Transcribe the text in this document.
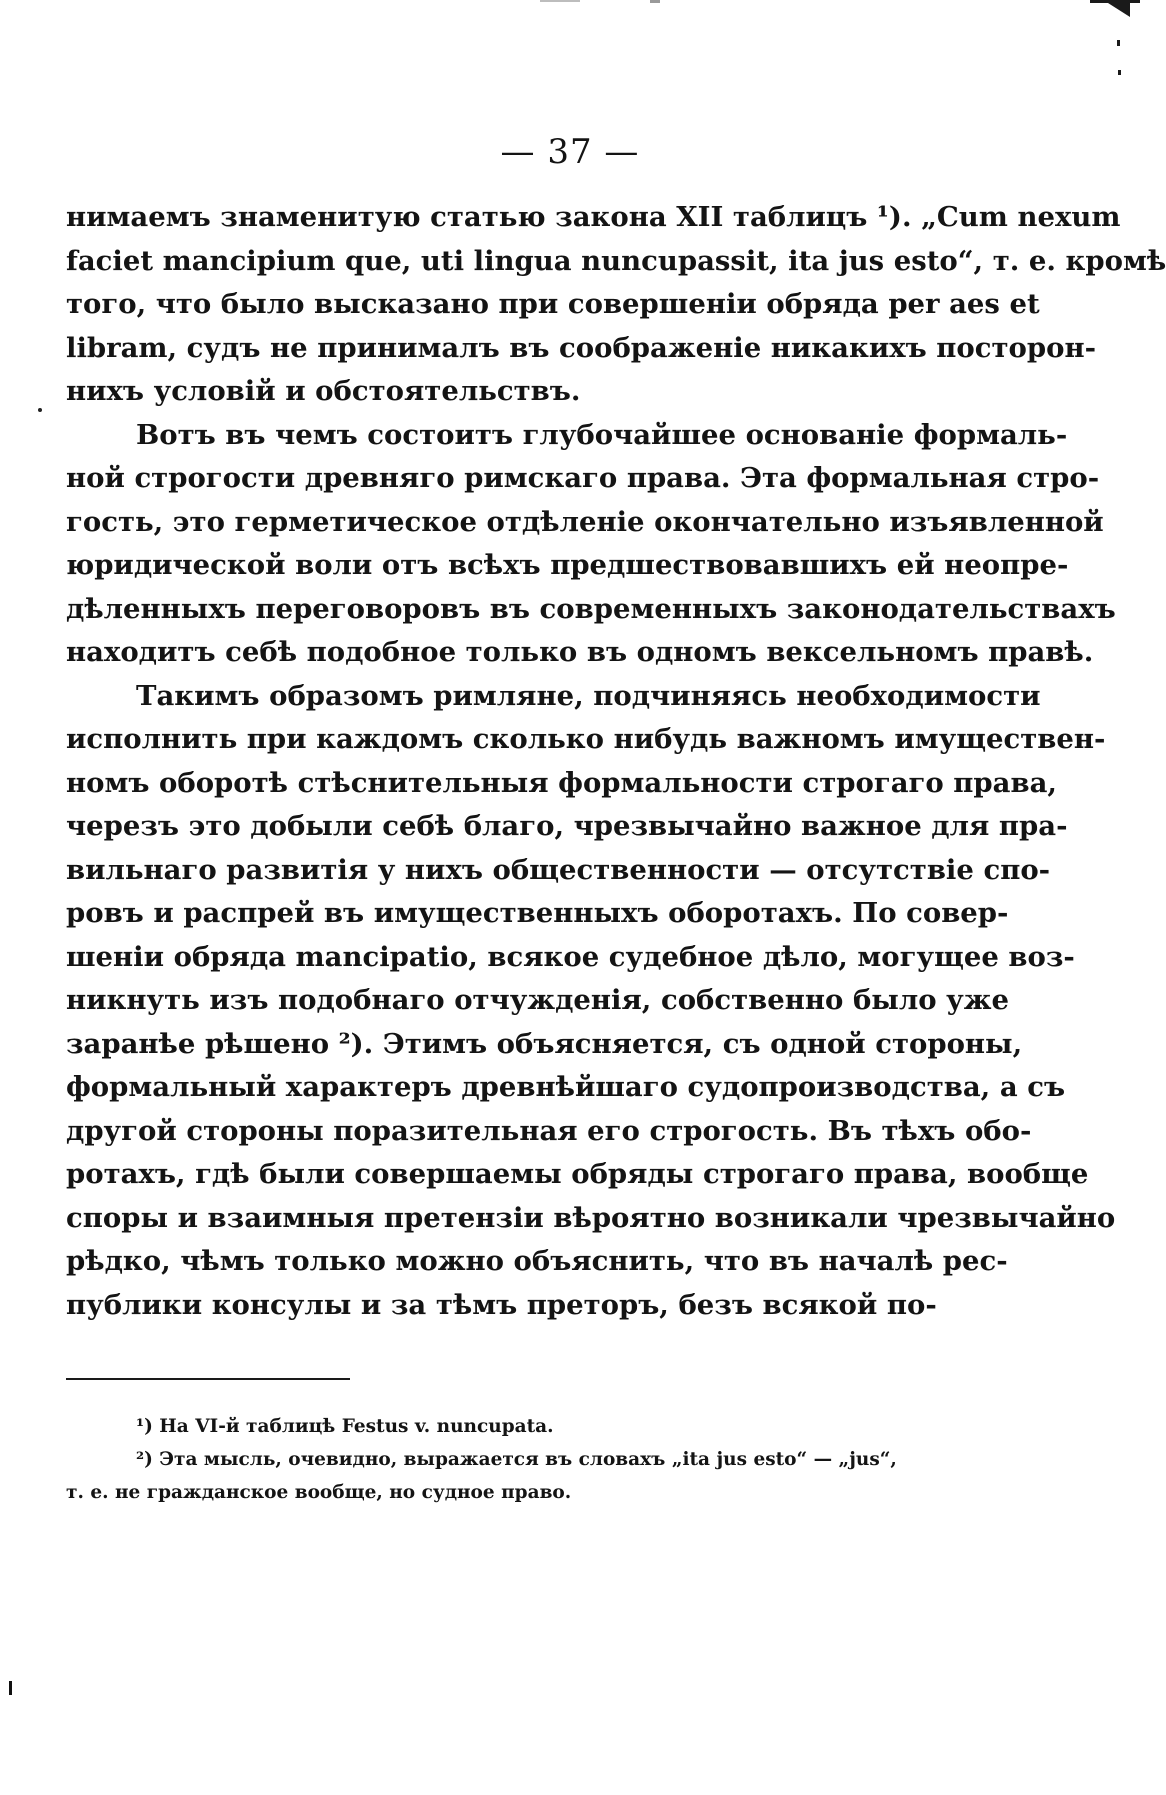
— 37 —
нимаемъ знаменитую статью закона XII таблицъ ¹). „Cum nexum
faciet mancipium que, uti lingua nuncupassit, ita jus esto“, т. е. кромѣ
того, что было высказано при совершеніи обряда per aes et
libram, судъ не принималъ въ соображеніе никакихъ посторон-
нихъ условій и обстоятельствъ.
Вотъ въ чемъ состоитъ глубочайшее основаніе формаль-
ной строгости древняго римскаго права. Эта формальная стро-
гость, это герметическое отдѣленіе окончательно изъявленной
юридической воли отъ всѣхъ предшествовавшихъ ей неопре-
дѣленныхъ переговоровъ въ современныхъ законодательствахъ
находитъ себѣ подобное только въ одномъ вексельномъ правѣ.
Такимъ образомъ римляне, подчиняясь необходимости
исполнить при каждомъ сколько нибудь важномъ имуществен-
номъ оборотѣ стѣснительныя формальности строгаго права,
черезъ это добыли себѣ благо, чрезвычайно важное для пра-
вильнаго развитія у нихъ общественности — отсутствіе спо-
ровъ и распрей въ имущественныхъ оборотахъ. По совер-
шеніи обряда mancipatio, всякое судебное дѣло, могущее воз-
никнуть изъ подобнаго отчужденія, собственно было уже
заранѣе рѣшено ²). Этимъ объясняется, съ одной стороны,
формальный характеръ древнѣйшаго судопроизводства, а съ
другой стороны поразительная его строгость. Въ тѣхъ обо-
ротахъ, гдѣ были совершаемы обряды строгаго права, вообще
споры и взаимныя претензіи вѣроятно возникали чрезвычайно
рѣдко, чѣмъ только можно объяснить, что въ началѣ рес-
публики консулы и за тѣмъ преторъ, безъ всякой по-
¹) На VI-й таблицѣ Festus v. nuncupata.
²) Эта мысль, очевидно, выражается въ словахъ „ita jus esto“ — „jus“,
т. е. не гражданское вообще, но судное право.
